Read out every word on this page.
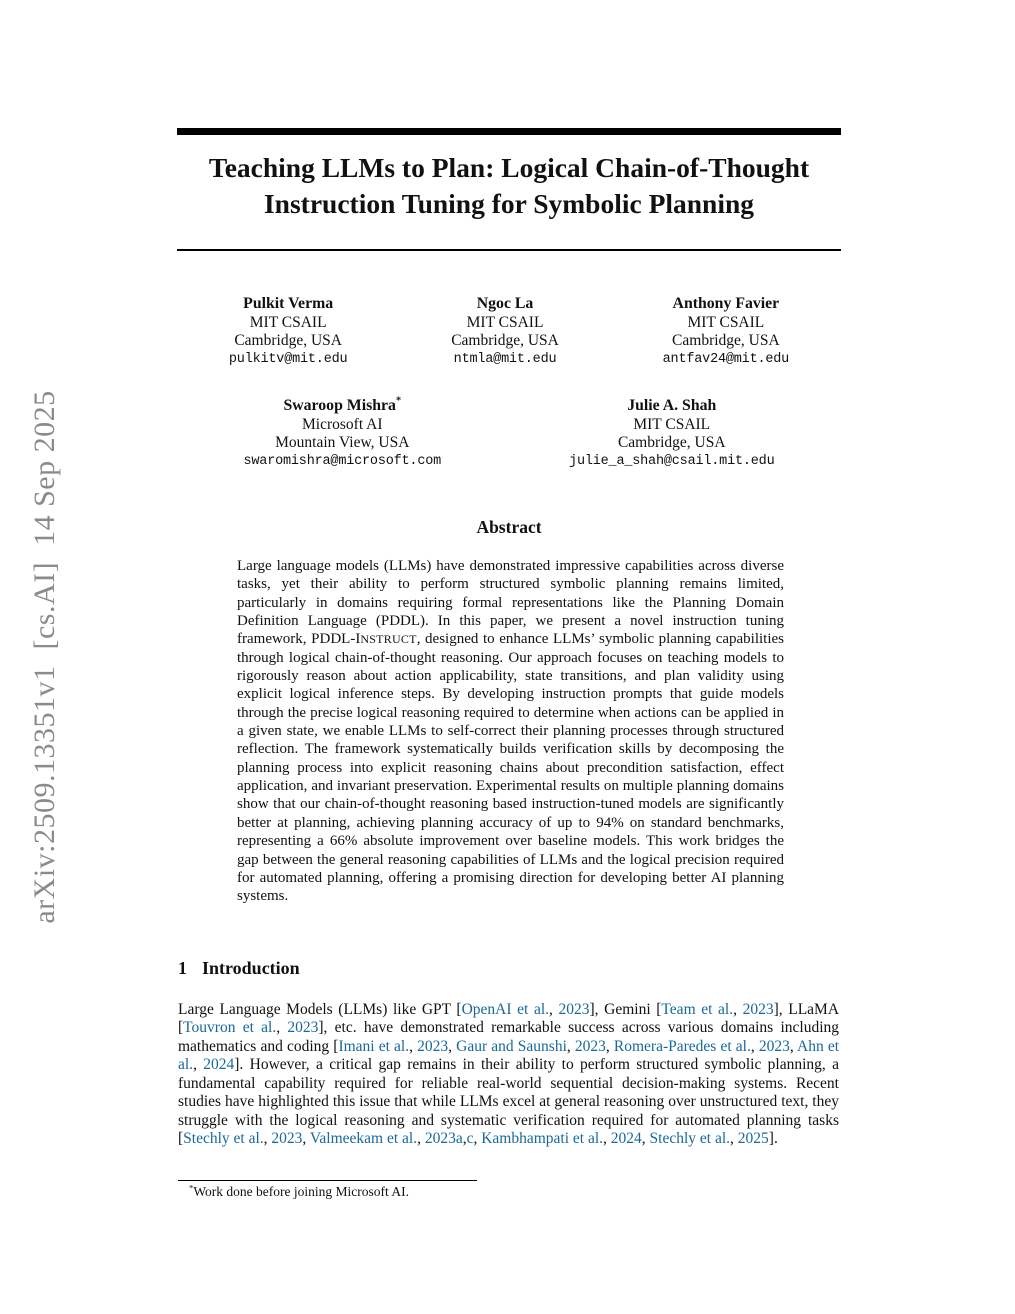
arXiv:2509.13351v1  [cs.AI]  14 Sep 2025
Teaching LLMs to Plan: Logical Chain-of-Thought
Instruction Tuning for Symbolic Planning
Pulkit Verma
MIT CSAIL
Cambridge, USA
pulkitv@mit.edu
Ngoc La
MIT CSAIL
Cambridge, USA
ntmla@mit.edu
Anthony Favier
MIT CSAIL
Cambridge, USA
antfav24@mit.edu
Swaroop Mishra*
Microsoft AI
Mountain View, USA
swaromishra@microsoft.com
Julie A. Shah
MIT CSAIL
Cambridge, USA
julie_a_shah@csail.mit.edu
Abstract
Large language models (LLMs) have demonstrated impressive capabilities across diverse tasks, yet their ability to perform structured symbolic planning remains limited, particularly in domains requiring formal representations like the Planning Domain Definition Language (PDDL). In this paper, we present a novel instruction tuning framework, PDDL-INSTRUCT, designed to enhance LLMs’ symbolic planning capabilities through logical chain-of-thought reasoning. Our approach focuses on teaching models to rigorously reason about action applicability, state transitions, and plan validity using explicit logical inference steps. By developing instruction prompts that guide models through the precise logical reasoning required to determine when actions can be applied in a given state, we enable LLMs to self-correct their planning processes through structured reflection. The framework systematically builds verification skills by decomposing the planning process into explicit reasoning chains about precondition satisfaction, effect application, and invariant preservation. Experimental results on multiple planning domains show that our chain-of-thought reasoning based instruction-tuned models are significantly better at planning, achieving planning accuracy of up to 94% on standard benchmarks, representing a 66% absolute improvement over baseline models. This work bridges the gap between the general reasoning capabilities of LLMs and the logical precision required for automated planning, offering a promising direction for developing better AI planning systems.
1 Introduction
Large Language Models (LLMs) like GPT [OpenAI et al., 2023], Gemini [Team et al., 2023], LLaMA [Touvron et al., 2023], etc. have demonstrated remarkable success across various domains including mathematics and coding [Imani et al., 2023, Gaur and Saunshi, 2023, Romera-Paredes et al., 2023, Ahn et al., 2024]. However, a critical gap remains in their ability to perform structured symbolic planning, a fundamental capability required for reliable real-world sequential decision-making systems. Recent studies have highlighted this issue that while LLMs excel at general reasoning over unstructured text, they struggle with the logical reasoning and systematic verification required for automated planning tasks [Stechly et al., 2023, Valmeekam et al., 2023a,c, Kambhampati et al., 2024, Stechly et al., 2025].
*Work done before joining Microsoft AI.
